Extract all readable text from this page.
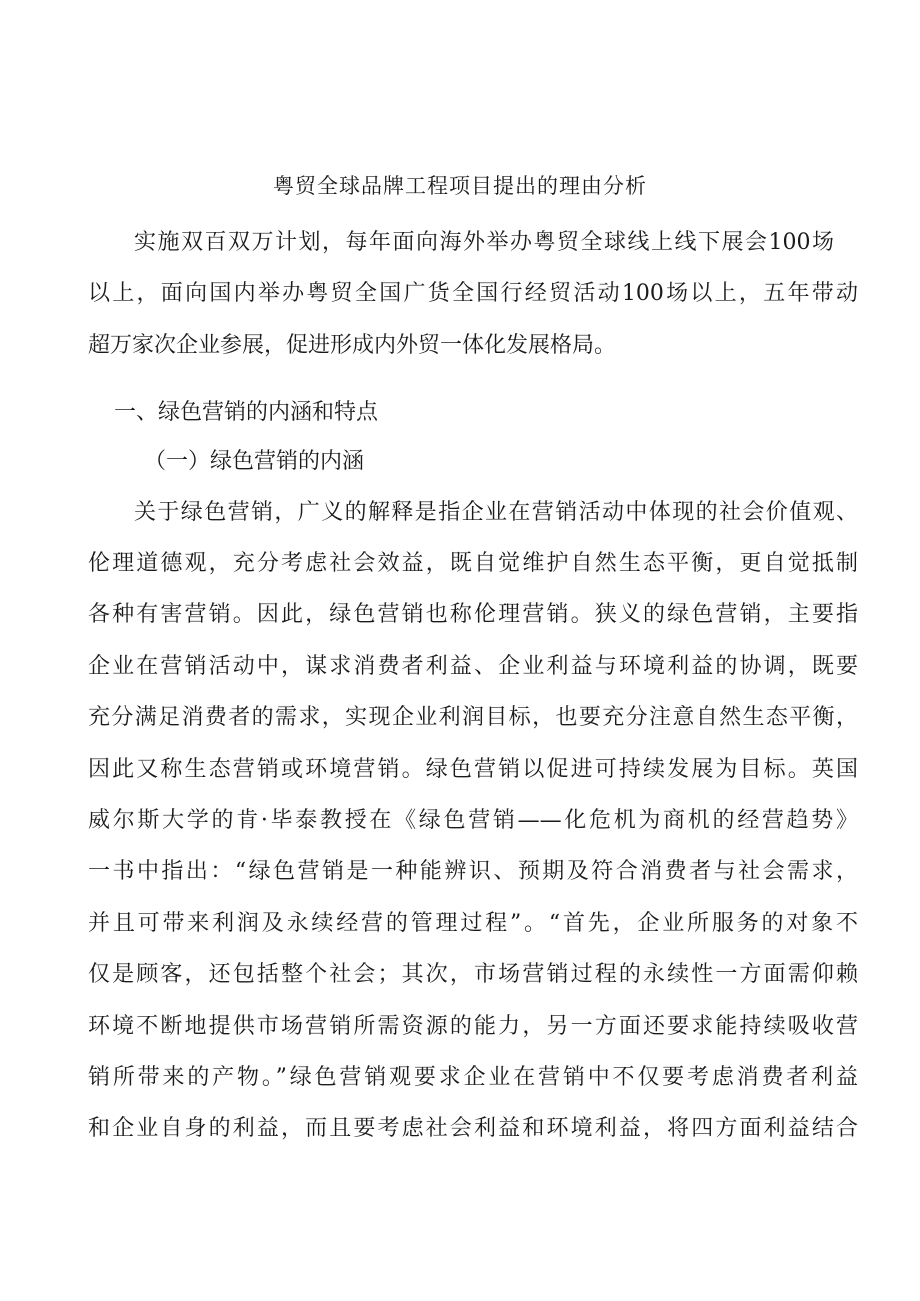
粤贸全球品牌工程项目提出的理由分析
实施双百双万计划，每年面向海外举办粤贸全球线上线下展会100场
以上，面向国内举办粤贸全国广货全国行经贸活动100场以上，五年带动
超万家次企业参展，促进形成内外贸一体化发展格局。
一、绿色营销的内涵和特点
（一）绿色营销的内涵
关于绿色营销，广义的解释是指企业在营销活动中体现的社会价值观、
伦理道德观，充分考虑社会效益，既自觉维护自然生态平衡，更自觉抵制
各种有害营销。因此，绿色营销也称伦理营销。狭义的绿色营销，主要指
企业在营销活动中，谋求消费者利益、企业利益与环境利益的协调，既要
充分满足消费者的需求，实现企业利润目标，也要充分注意自然生态平衡，
因此又称生态营销或环境营销。绿色营销以促进可持续发展为目标。英国
威尔斯大学的肯·毕泰教授在《绿色营销——化危机为商机的经营趋势》
一书中指出：“绿色营销是一种能辨识、预期及符合消费者与社会需求，
并且可带来利润及永续经营的管理过程”。“首先，企业所服务的对象不
仅是顾客，还包括整个社会；其次，市场营销过程的永续性一方面需仰赖
环境不断地提供市场营销所需资源的能力，另一方面还要求能持续吸收营
销所带来的产物。”绿色营销观要求企业在营销中不仅要考虑消费者利益
和企业自身的利益，而且要考虑社会利益和环境利益，将四方面利益结合
